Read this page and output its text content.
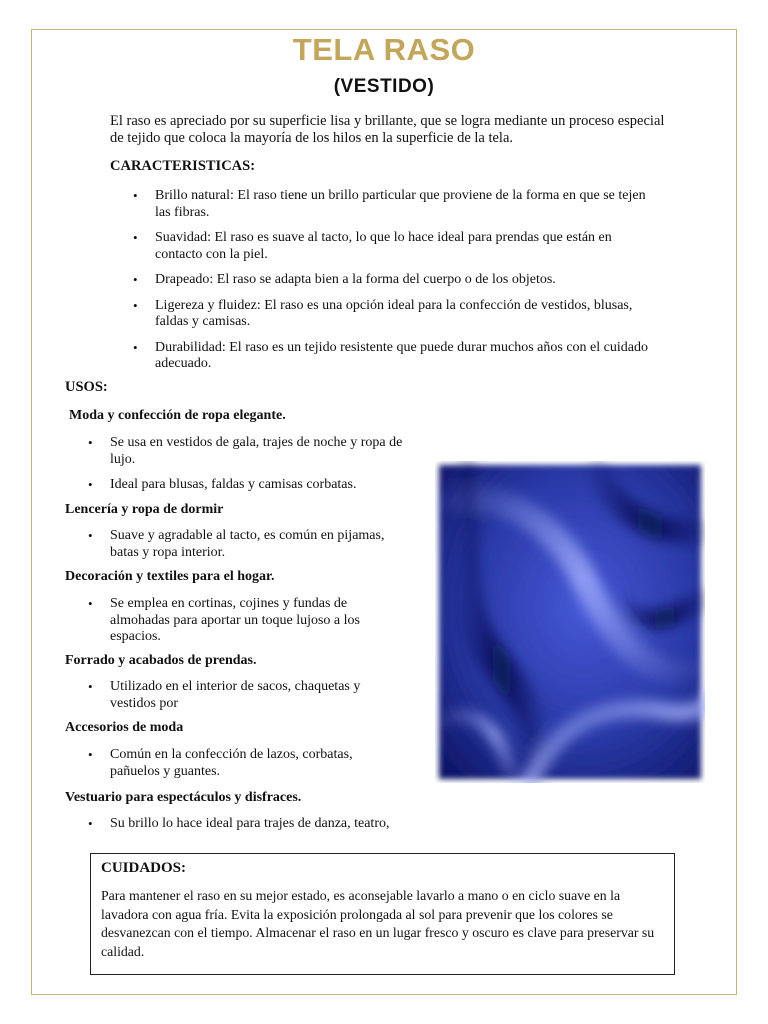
TELA RASO
(VESTIDO)
El raso es apreciado por su superficie lisa y brillante, que se logra mediante un proceso especial de tejido que coloca la mayoría de los hilos en la superficie de la tela.
CARACTERISTICAS:
• Brillo natural: El raso tiene un brillo particular que proviene de la forma en que se tejen las fibras.
• Suavidad: El raso es suave al tacto, lo que lo hace ideal para prendas que están en contacto con la piel.
• Drapeado: El raso se adapta bien a la forma del cuerpo o de los objetos.
• Ligereza y fluidez: El raso es una opción ideal para la confección de vestidos, blusas, faldas y camisas.
• Durabilidad: El raso es un tejido resistente que puede durar muchos años con el cuidado adecuado.
USOS:
Moda y confección de ropa elegante.
• Se usa en vestidos de gala, trajes de noche y ropa de lujo.
• Ideal para blusas, faldas y camisas corbatas.
Lencería y ropa de dormir
• Suave y agradable al tacto, es común en pijamas, batas y ropa interior.
Decoración y textiles para el hogar.
• Se emplea en cortinas, cojines y fundas de almohadas para aportar un toque lujoso a los espacios.
Forrado y acabados de prendas.
• Utilizado en el interior de sacos, chaquetas y vestidos por
Accesorios de moda
• Común en la confección de lazos, corbatas, pañuelos y guantes.
Vestuario para espectáculos y disfraces.
• Su brillo lo hace ideal para trajes de danza, teatro,
CUIDADOS:
Para mantener el raso en su mejor estado, es aconsejable lavarlo a mano o en ciclo suave en la lavadora con agua fría. Evita la exposición prolongada al sol para prevenir que los colores se desvanezcan con el tiempo. Almacenar el raso en un lugar fresco y oscuro es clave para preservar su calidad.
